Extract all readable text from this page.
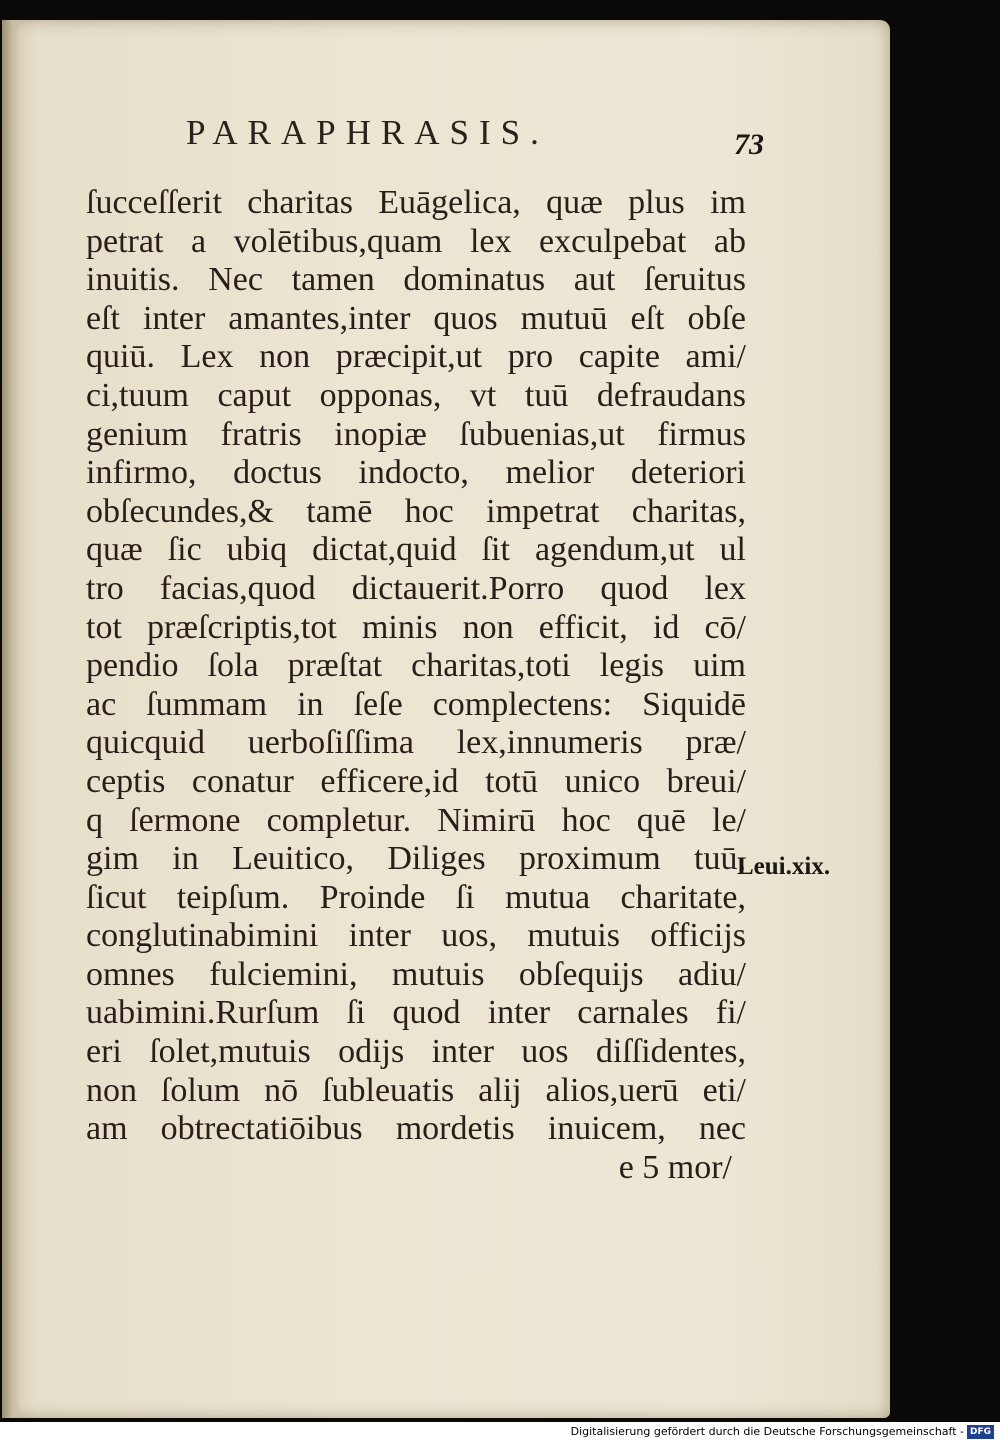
PARAPHRASIS.	73
ſucceſſerit charitas Euāgelica, quæ plus im
petrat a volētibus,quam lex exculpebat ab
inuitis. Nec tamen dominatus aut ſeruitus
eſt inter amantes,inter quos mutuū eſt obſe
quiū. Lex non præcipit,ut pro capite ami/
ci,tuum caput opponas, vt tuū defraudans
genium fratris inopiæ ſubuenias,ut firmus
infirmo, doctus indocto, melior deteriori
obſecundes,& tamē hoc impetrat charitas,
quæ ſic ubiq dictat,quid ſit agendum,ut ul
tro facias,quod dictauerit.Porro quod lex
tot præſcriptis,tot minis non efficit, id cō/
pendio ſola præſtat charitas,toti legis uim
ac ſummam in ſeſe complectens: Siquidē
quicquid uerboſiſſima lex,innumeris præ/
ceptis conatur efficere,id totū unico breui/
q ſermone completur. Nimirū hoc quē le/
gim in Leuitico, Diliges proximum tuū,
ſicut teipſum. Proinde ſi mutua charitate,
conglutinabimini inter uos, mutuis officijs
omnes fulciemini, mutuis obſequijs adiu/
uabimini.Rurſum ſi quod inter carnales fi/
eri ſolet,mutuis odijs inter uos diſſidentes,
non ſolum nō ſubleuatis alij alios,uerū eti/
am obtrectatiōibus mordetis inuicem, nec
e 5 mor/
Leui.xix.
Digitalisierung gefördert durch die Deutsche Forschungsgemeinschaft - DFG
